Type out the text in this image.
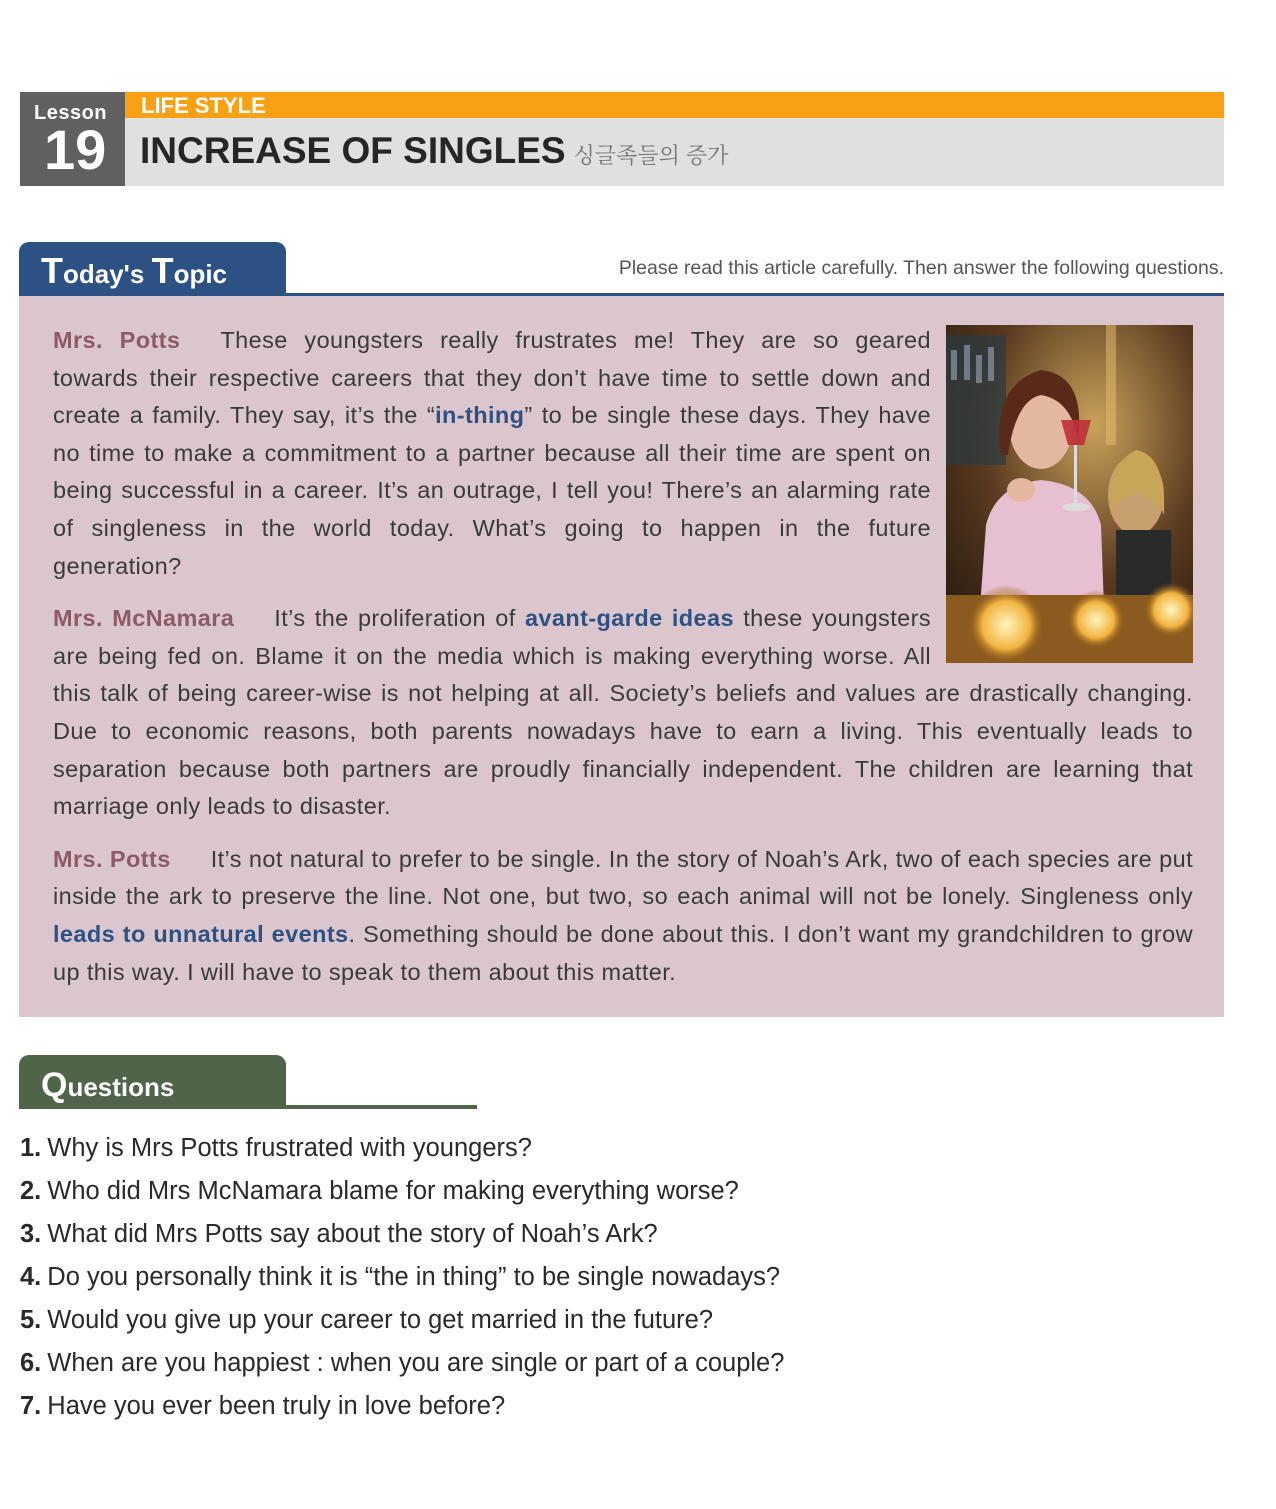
Lesson
19
LIFE STYLE
INCREASE OF SINGLES 싱글족들의 증가
Today's Topic	Please read this article carefully. Then answer the following questions.

Mrs. Potts These youngsters really frustrates me! They are so geared towards their respective careers that they don’t have time to settle down and create a family. They say, it’s the “in-thing” to be single these days. They have no time to make a commitment to a partner because all their time are spent on being successful in a career. It’s an outrage, I tell you! There’s an alarming rate of singleness in the world today. What’s going to happen in the future generation?

Mrs. McNamara It’s the proliferation of avant-garde ideas these youngsters are being fed on. Blame it on the media which is making everything worse. All this talk of being career-wise is not helping at all. Society’s beliefs and values are drastically changing. Due to economic reasons, both parents nowadays have to earn a living. This eventually leads to separation because both partners are proudly financially independent. The children are learning that marriage only leads to disaster.

Mrs. Potts It’s not natural to prefer to be single. In the story of Noah’s Ark, two of each species are put inside the ark to preserve the line. Not one, but two, so each animal will not be lonely. Singleness only leads to unnatural events. Something should be done about this. I don’t want my grandchildren to grow up this way. I will have to speak to them about this matter.

Questions
1. Why is Mrs Potts frustrated with youngers?
2. Who did Mrs McNamara blame for making everything worse?
3. What did Mrs Potts say about the story of Noah’s Ark?
4. Do you personally think it is “the in thing” to be single nowadays?
5. Would you give up your career to get married in the future?
6. When are you happiest : when you are single or part of a couple?
7. Have you ever been truly in love before?
